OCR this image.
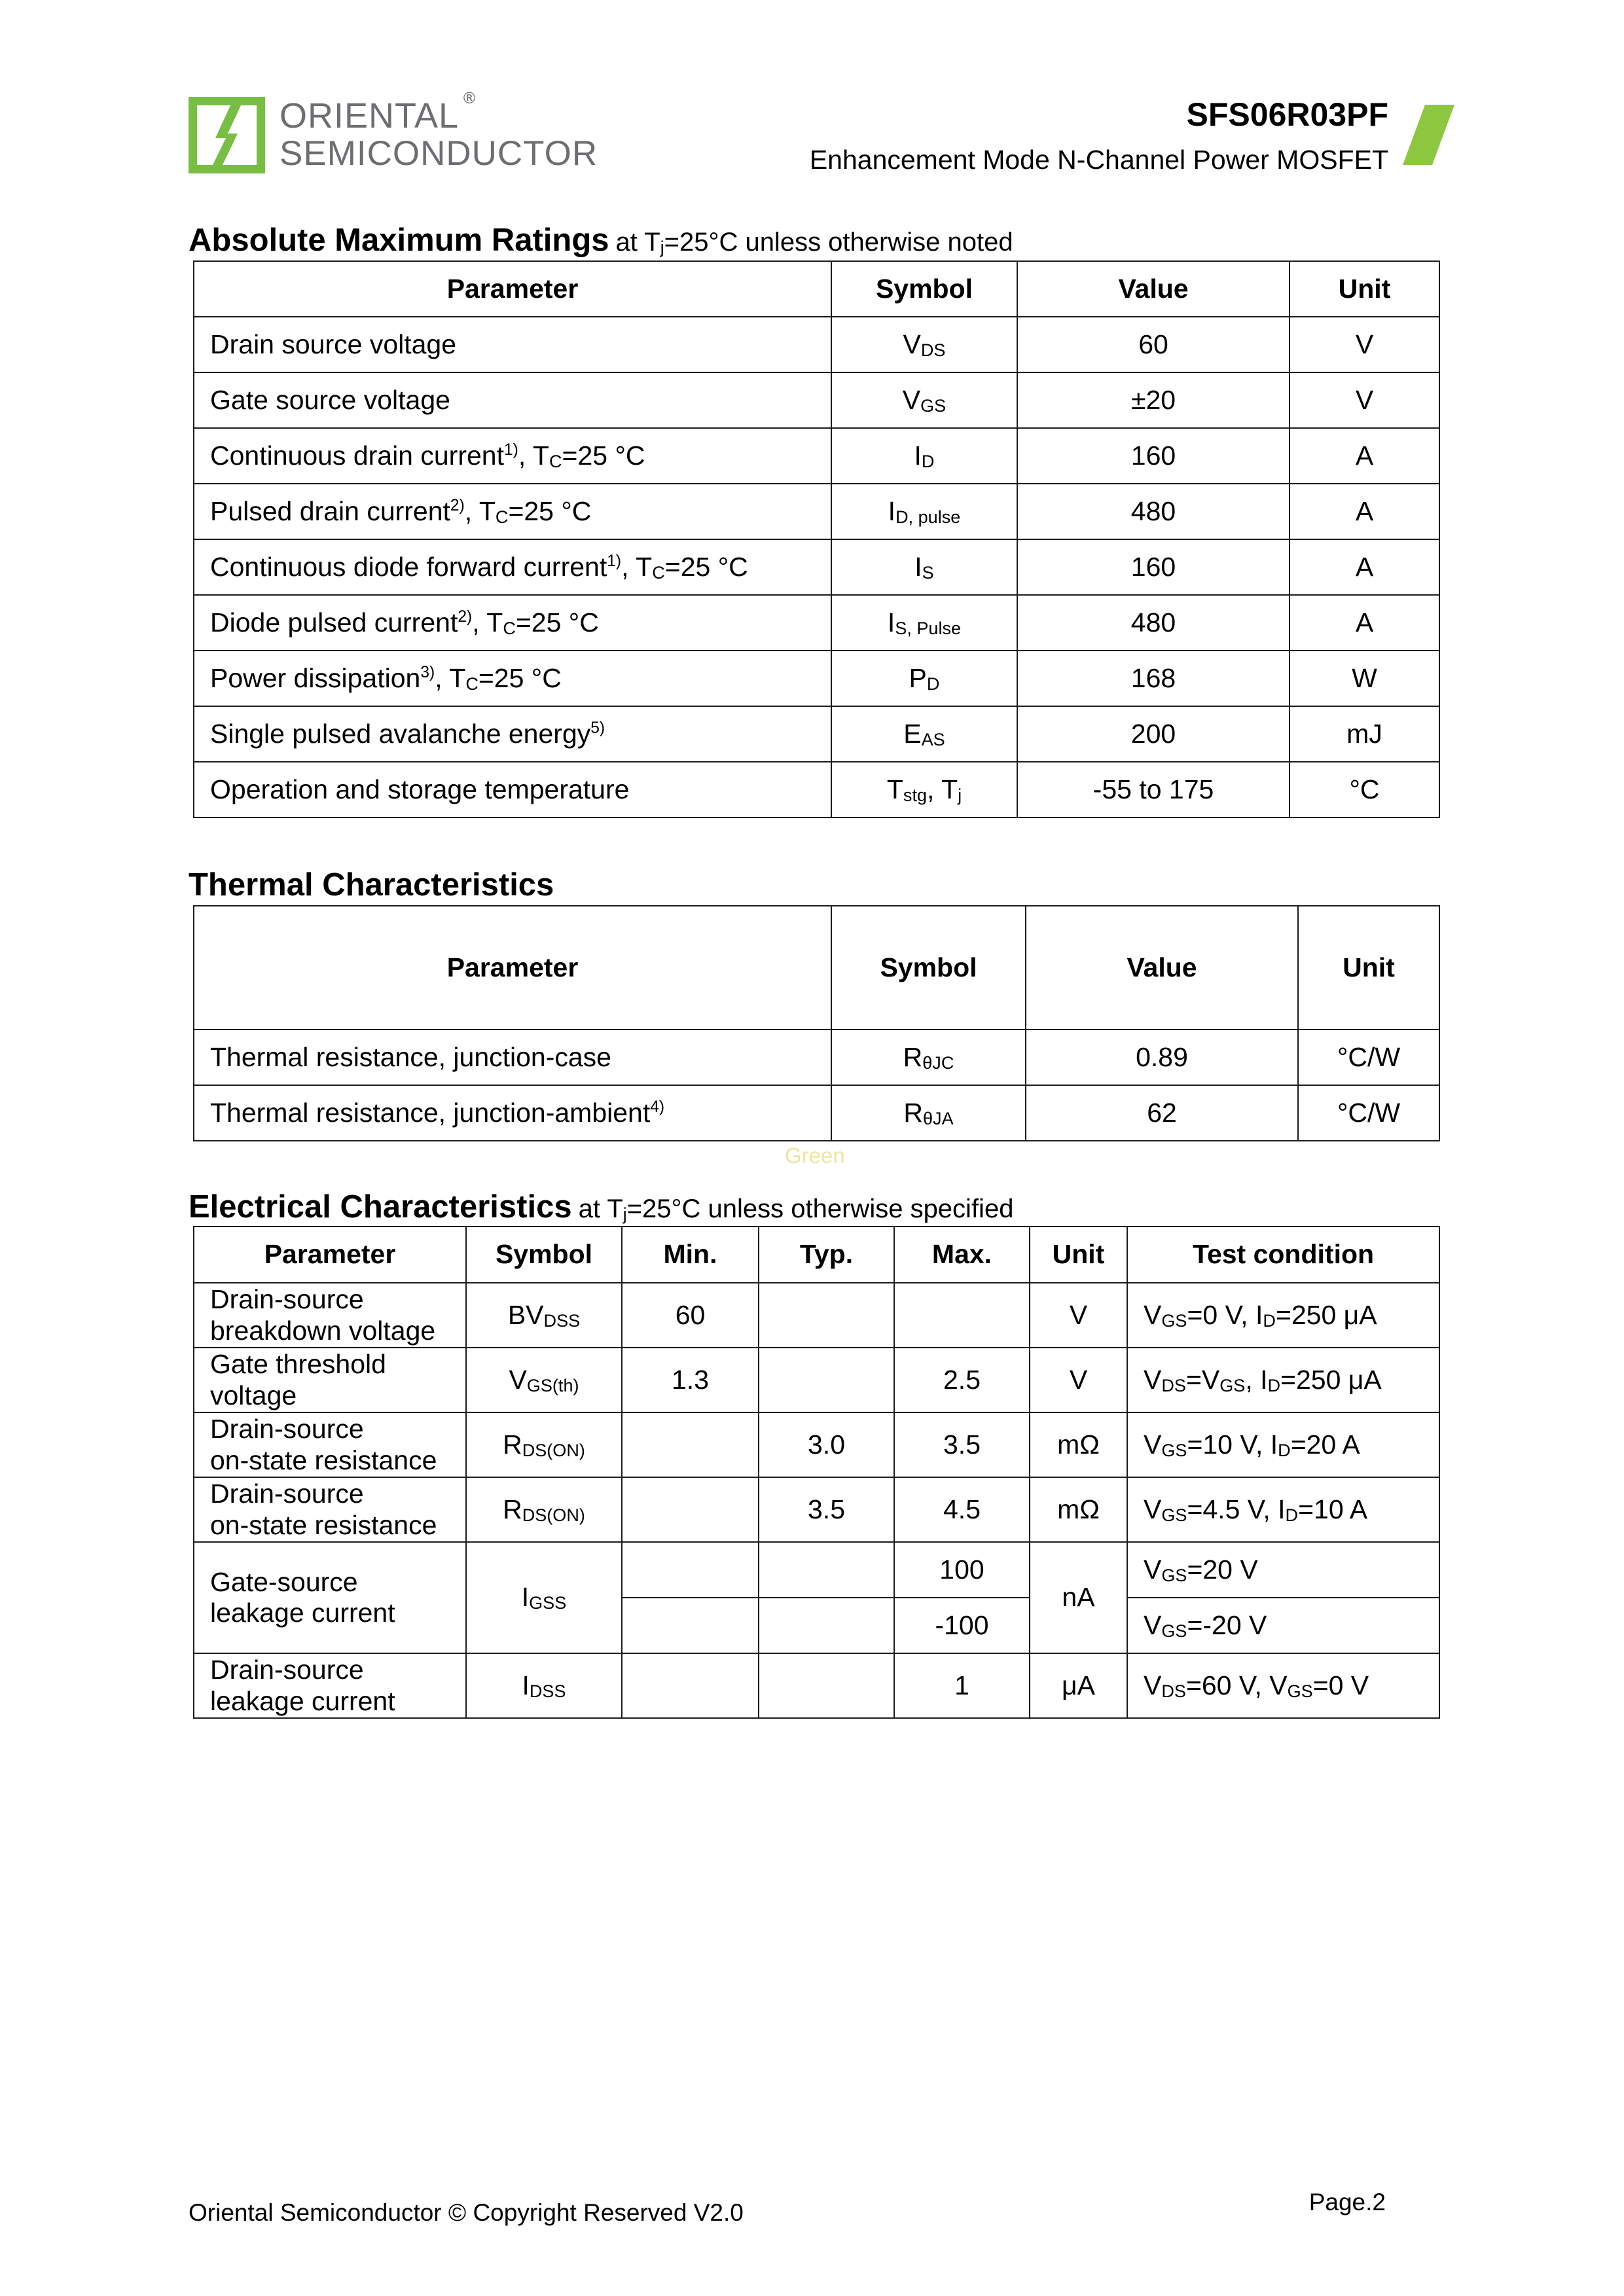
ORIENTAL
SEMICONDUCTOR
®	SFS06R03PF
Enhancement Mode N-Channel Power MOSFET
Absolute Maximum Ratings at Tj=25°C unless otherwise noted
Parameter	Symbol	Value	Unit
Drain source voltage	VDS	60	V
Gate source voltage	VGS	±20	V
Continuous drain current$^{1)}$, TC=25 °C	ID	160	A
Pulsed drain current$^{2)}$, TC=25 °C	ID, pulse	480	A
Continuous diode forward current$^{1)}$, TC=25 °C	IS	160	A
Diode pulsed current$^{2)}$, TC=25 °C	IS, Pulse	480	A
Power dissipation$^{3)}$, TC=25 °C	PD	168	W
Single pulsed avalanche energy$^{5)}$	EAS	200	mJ
Operation and storage temperature	Tstg, Tj	-55 to 175	°C
Thermal Characteristics
Parameter	Symbol	Value	Unit
Thermal resistance, junction-case	RθJC	0.89	°C/W
Thermal resistance, junction-ambient$^{4)}$	RθJA	62	°C/W
Green
Electrical Characteristics at Tj=25°C unless otherwise specified
Parameter	Symbol	Min.	Typ.	Max.	Unit	Test condition
Drain-source
breakdown voltage	BVDSS	60			V	VGS=0 V, ID=250 μA
Gate threshold
voltage	VGS(th)	1.3		2.5	V	VDS=VGS, ID=250 μA
Drain-source
on-state resistance	RDS(ON)		3.0	3.5	mΩ	VGS=10 V, ID=20 A
Drain-source
on-state resistance	RDS(ON)		3.5	4.5	mΩ	VGS=4.5 V, ID=10 A
Gate-source
leakage current	IGSS			100	nA	VGS=20 V
				-100		VGS=-20 V
Drain-source
leakage current	IDSS			1	μA	VDS=60 V, VGS=0 V
Oriental Semiconductor © Copyright Reserved V2.0	Page.2
